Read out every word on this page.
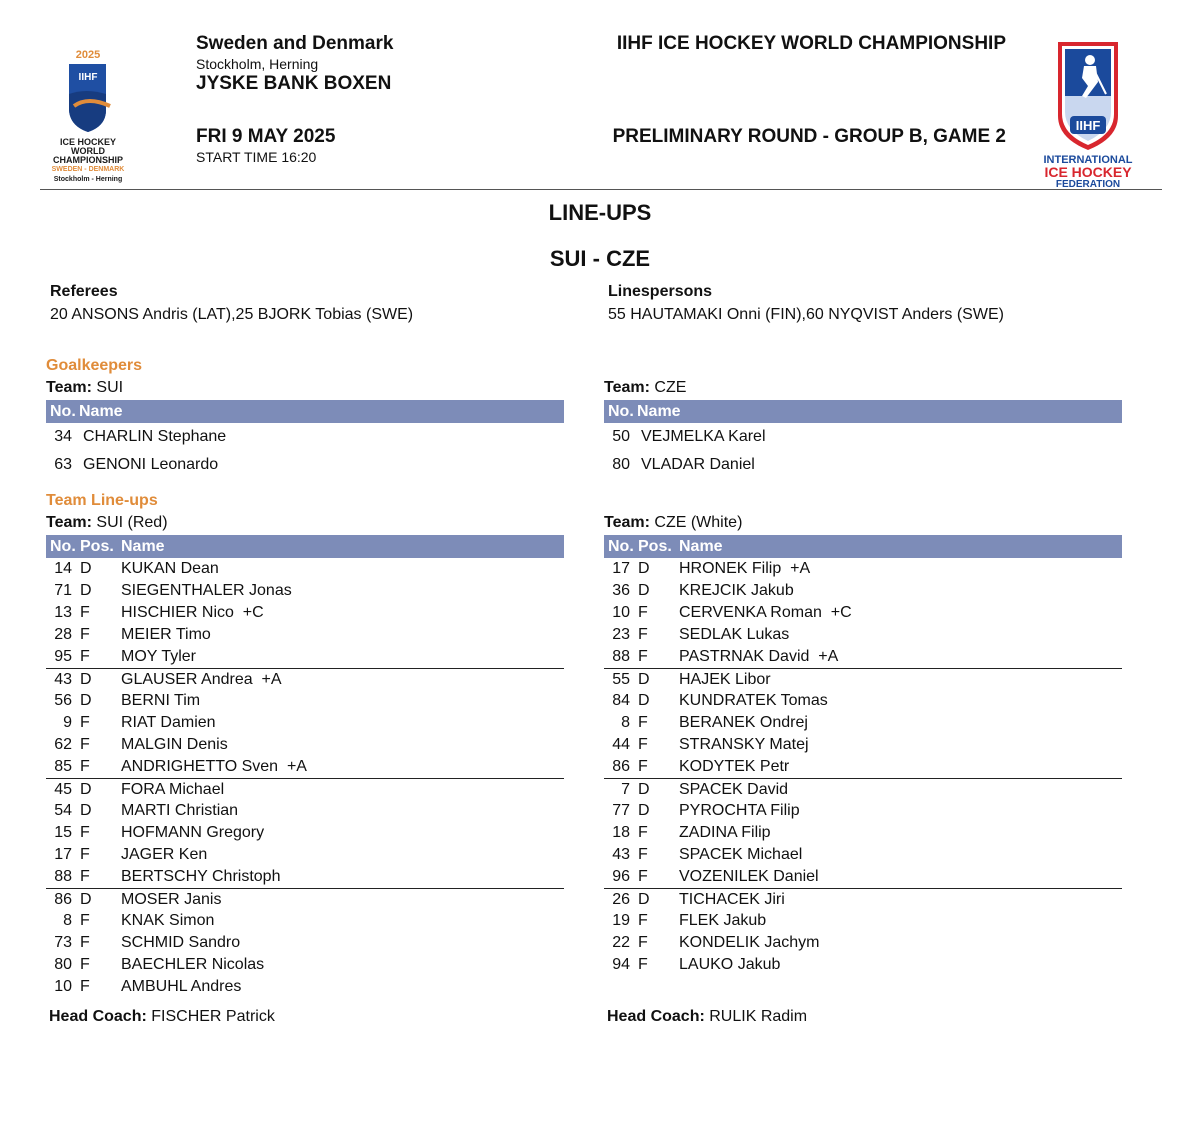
2025
IIHF
ICE HOCKEY
WORLD
CHAMPIONSHIP
SWEDEN - DENMARK
Stockholm - Herning
Sweden and Denmark
Stockholm, Herning
JYSKE BANK BOXEN
FRI 9 MAY 2025
START TIME 16:20
IIHF ICE HOCKEY WORLD CHAMPIONSHIP
PRELIMINARY ROUND - GROUP B, GAME 2
IIHF
INTERNATIONAL
ICE HOCKEY
FEDERATION
LINE-UPS
SUI - CZE
Referees
20 ANSONS Andris (LAT),25 BJORK Tobias (SWE)
Linespersons
55 HAUTAMAKI Onni (FIN),60 NYQVIST Anders (SWE)
Goalkeepers
Team: SUI	Team: CZE
No. Name
34 CHARLIN Stephane
63 GENONI Leonardo
No. Name
50 VEJMELKA Karel
80 VLADAR Daniel
Team Line-ups
Team: SUI (Red)	Team: CZE (White)
No. Pos. Name
14 D KUKAN Dean
71 D SIEGENTHALER Jonas
13 F HISCHIER Nico  +C
28 F MEIER Timo
95 F MOY Tyler
43 D GLAUSER Andrea  +A
56 D BERNI Tim
9 F RIAT Damien
62 F MALGIN Denis
85 F ANDRIGHETTO Sven  +A
45 D FORA Michael
54 D MARTI Christian
15 F HOFMANN Gregory
17 F JAGER Ken
88 F BERTSCHY Christoph
86 D MOSER Janis
8 F KNAK Simon
73 F SCHMID Sandro
80 F BAECHLER Nicolas
10 F AMBUHL Andres
No. Pos. Name
17 D HRONEK Filip  +A
36 D KREJCIK Jakub
10 F CERVENKA Roman  +C
23 F SEDLAK Lukas
88 F PASTRNAK David  +A
55 D HAJEK Libor
84 D KUNDRATEK Tomas
8 F BERANEK Ondrej
44 F STRANSKY Matej
86 F KODYTEK Petr
7 D SPACEK David
77 D PYROCHTA Filip
18 F ZADINA Filip
43 F SPACEK Michael
96 F VOZENILEK Daniel
26 D TICHACEK Jiri
19 F FLEK Jakub
22 F KONDELIK Jachym
94 F LAUKO Jakub
Head Coach: FISCHER Patrick	Head Coach: RULIK Radim
